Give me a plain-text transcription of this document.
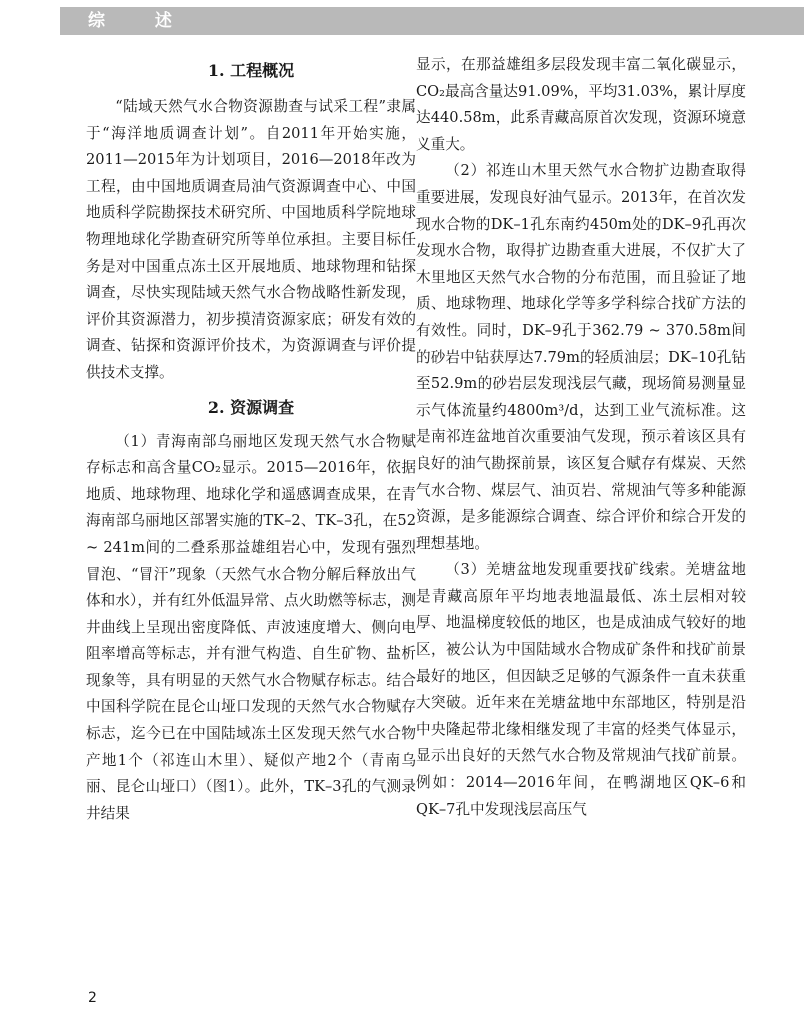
综 述
1. 工程概况

“陆域天然气水合物资源勘查与试采工程”隶属于“海洋地质调查计划”。自2011年开始实施，2011—2015年为计划项目，2016—2018年改为工程，由中国地质调查局油气资源调查中心、中国地质科学院勘探技术研究所、中国地质科学院地球物理地球化学勘查研究所等单位承担。主要目标任务是对中国重点冻土区开展地质、地球物理和钻探调查，尽快实现陆域天然气水合物战略性新发现，评价其资源潜力，初步摸清资源家底；研发有效的调查、钻探和资源评价技术，为资源调查与评价提供技术支撑。

2. 资源调查

（1）青海南部乌丽地区发现天然气水合物赋存标志和高含量CO₂显示。2015—2016年，依据地质、地球物理、地球化学和遥感调查成果，在青海南部乌丽地区部署实施的TK–2、TK–3孔，在52 ~ 241m间的二叠系那益雄组岩心中，发现有强烈冒泡、“冒汗”现象（天然气水合物分解后释放出气体和水），并有红外低温异常、点火助燃等标志，测井曲线上呈现出密度降低、声波速度增大、侧向电阻率增高等标志，并有泄气构造、自生矿物、盐析现象等，具有明显的天然气水合物赋存标志。结合中国科学院在昆仑山垭口发现的天然气水合物赋存标志，迄今已在中国陆域冻土区发现天然气水合物产地1个（祁连山木里）、疑似产地2个（青南乌丽、昆仑山垭口）（图1）。此外，TK–3孔的气测录井结果

显示，在那益雄组多层段发现丰富二氧化碳显示，CO₂最高含量达91.09%，平均31.03%，累计厚度达440.58m，此系青藏高原首次发现，资源环境意义重大。

（2）祁连山木里天然气水合物扩边勘查取得重要进展，发现良好油气显示。2013年，在首次发现水合物的DK–1孔东南约450m处的DK–9孔再次发现水合物，取得扩边勘查重大进展，不仅扩大了木里地区天然气水合物的分布范围，而且验证了地质、地球物理、地球化学等多学科综合找矿方法的有效性。同时，DK–9孔于362.79 ~ 370.58m间的砂岩中钻获厚达7.79m的轻质油层；DK–10孔钻至52.9m的砂岩层发现浅层气藏，现场简易测量显示气体流量约4800m³/d，达到工业气流标准。这是南祁连盆地首次重要油气发现，预示着该区具有良好的油气勘探前景，该区复合赋存有煤炭、天然气水合物、煤层气、油页岩、常规油气等多种能源资源，是多能源综合调查、综合评价和综合开发的理想基地。

（3）羌塘盆地发现重要找矿线索。羌塘盆地是青藏高原年平均地表地温最低、冻土层相对较厚、地温梯度较低的地区，也是成油成气较好的地区，被公认为中国陆域水合物成矿条件和找矿前景最好的地区，但因缺乏足够的气源条件一直未获重大突破。近年来在羌塘盆地中东部地区，特别是沿中央隆起带北缘相继发现了丰富的烃类气体显示，显示出良好的天然气水合物及常规油气找矿前景。例如：2014—2016年间，在鸭湖地区QK–6和QK–7孔中发现浅层高压气

2
